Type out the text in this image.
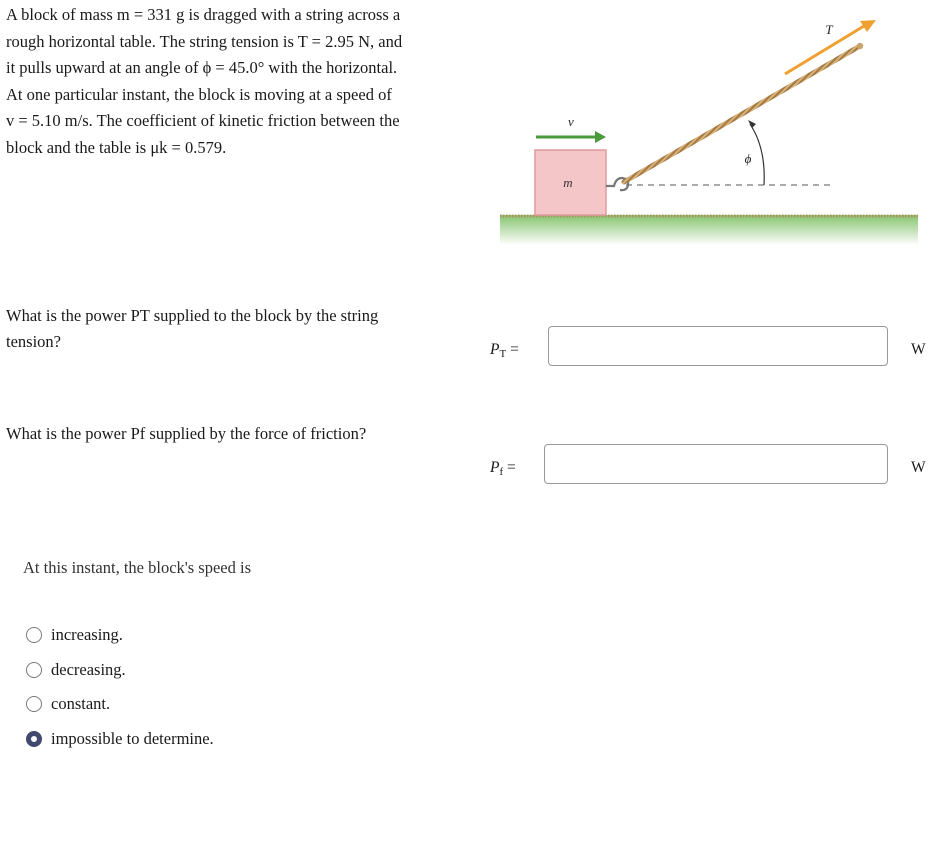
A block of mass m = 331 g is dragged with a string across a

rough horizontal table. The string tension is T = 2.95 N, and

it pulls upward at an angle of ϕ = 45.0° with the horizontal.

At one particular instant, the block is moving at a speed of

v = 5.10 m/s. The coefficient of kinetic friction between the

block and the table is μk = 0.579.

m
T⃗
v⃗
ϕ

What is the power PT supplied to the block by the string tension?	PT =	W

What is the power Pf supplied by the force of friction?

Pf =	W

At this instant, the block's speed is

increasing.
decreasing.
constant.
impossible to determine.
